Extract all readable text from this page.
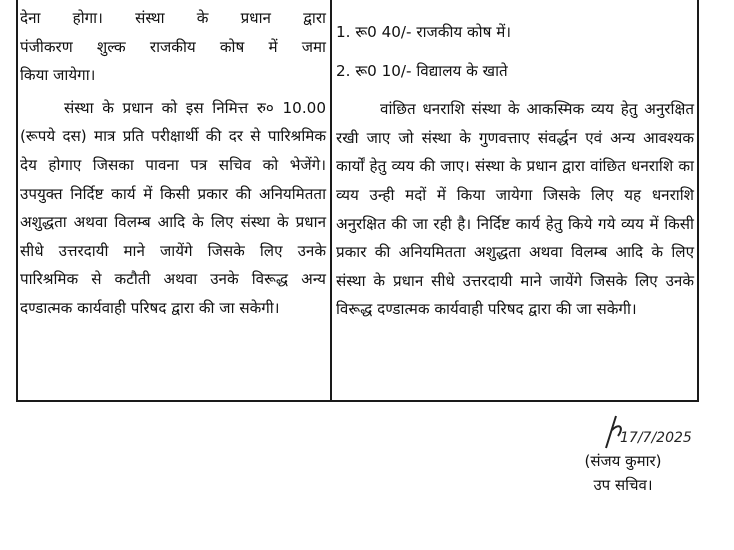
देना होगा। संस्था के प्रधान द्वारा

पंजीकरण शुल्क राजकीय कोष में जमा

किया जायेगा।

संस्था के प्रधान को इस निमित्त रु० 10.00 (रूपये दस) मात्र प्रति परीक्षार्थी की दर से पारिश्रमिक देय होगाए जिसका पावना पत्र सचिव को भेजेंगे। उपयुक्त निर्दिष्ट कार्य में किसी प्रकार की अनियमितता अशुद्धता अथवा विलम्ब आदि के लिए संस्था के प्रधान सीधे उत्तरदायी माने जायेंगे जिसके लिए उनके पारिश्रमिक से कटौती अथवा उनके विरूद्ध अन्य दण्डात्मक कार्यवाही परिषद द्वारा की जा सकेगी।

1. रू0 40/- राजकीय कोष में।

2. रू0 10/- विद्यालय के खाते

वांछित धनराशि संस्था के आकस्मिक व्यय हेतु अनुरक्षित रखी जाए जो संस्था के गुणवत्ताए संवर्द्धन एवं अन्य आवश्यक कार्यों हेतु व्यय की जाए। संस्था के प्रधान द्वारा वांछित धनराशि का व्यय उन्ही मदों में किया जायेगा जिसके लिए यह धनराशि अनुरक्षित की जा रही है। निर्दिष्ट कार्य हेतु किये गये व्यय में किसी प्रकार की अनियमितता अशुद्धता अथवा विलम्ब आदि के लिए संस्था के प्रधान सीधे उत्तरदायी माने जायेंगे जिसके लिए उनके विरूद्ध दण्डात्मक कार्यवाही परिषद द्वारा की जा सकेगी।

17/7/2025
(संजय कुमार)
उप सचिव।
